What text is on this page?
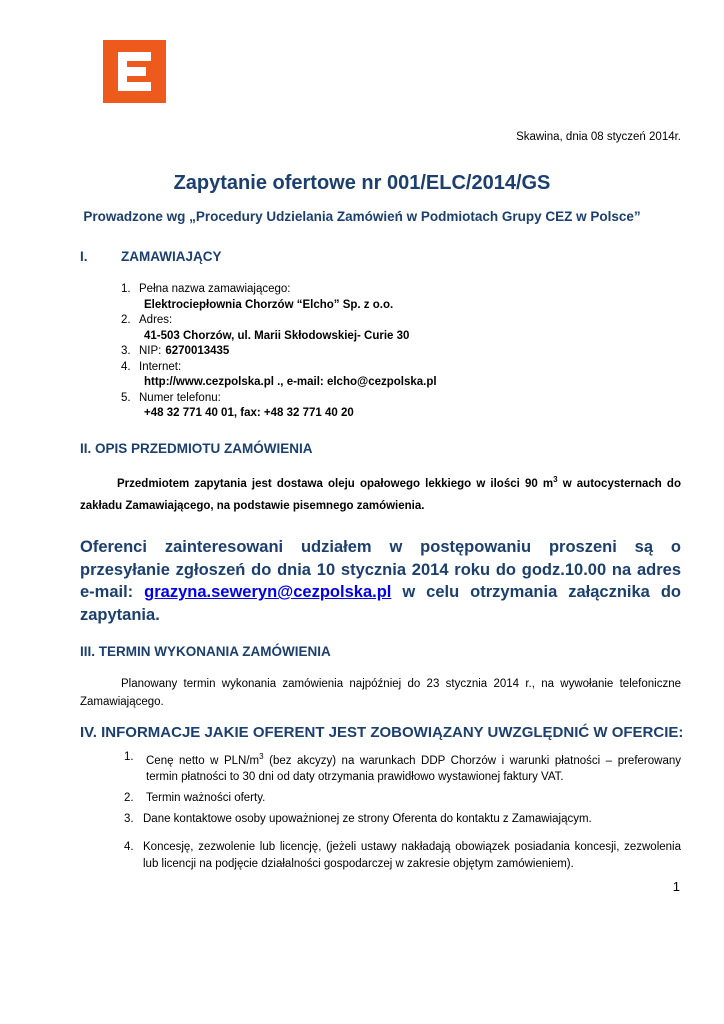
Skawina, dnia 08 styczeń 2014r.
Zapytanie ofertowe nr 001/ELC/2014/GS
Prowadzone wg „Procedury Udzielania Zamówień w Podmiotach Grupy CEZ w Polsce”
I. ZAMAWIAJĄCY
1. Pełna nazwa zamawiającego:
Elektrociepłownia Chorzów “Elcho” Sp. z o.o.
2. Adres:
41-503 Chorzów, ul. Marii Skłodowskiej- Curie 30
3. NIP: 6270013435
4. Internet:
http://www.cezpolska.pl ., e-mail: elcho@cezpolska.pl
5. Numer telefonu:
+48 32 771 40 01, fax: +48 32 771 40 20
II. OPIS PRZEDMIOTU ZAMÓWIENIA
Przedmiotem zapytania jest dostawa oleju opałowego lekkiego w ilości 90 $m^3$ w autocysternach do zakładu Zamawiającego, na podstawie pisemnego zamówienia.
Oferenci zainteresowani udziałem w postępowaniu proszeni są o przesyłanie zgłoszeń do dnia 10 stycznia 2014 roku do godz.10.00 na adres e-mail: grazyna.seweryn@cezpolska.pl w celu otrzymania załącznika do zapytania.
III. TERMIN WYKONANIA ZAMÓWIENIA
Planowany termin wykonania zamówienia najpóźniej do 23 stycznia 2014 r., na wywołanie telefoniczne Zamawiającego.
IV. INFORMACJE JAKIE OFERENT JEST ZOBOWIĄZANY UWZGLĘDNIĆ W OFERCIE:
1.	Cenę netto w PLN/$m^3$ (bez akcyzy) na warunkach DDP Chorzów i warunki płatności – preferowany termin płatności to 30 dni od daty otrzymania prawidłowo wystawionej faktury VAT.
2.	Termin ważności oferty.
3. Dane kontaktowe osoby upoważnionej ze strony Oferenta do kontaktu z Zamawiającym.
4. Koncesję, zezwolenie lub licencję, (jeżeli ustawy nakładają obowiązek posiadania koncesji, zezwolenia lub licencji na podjęcie działalności gospodarczej w zakresie objętym zamówieniem).
1
